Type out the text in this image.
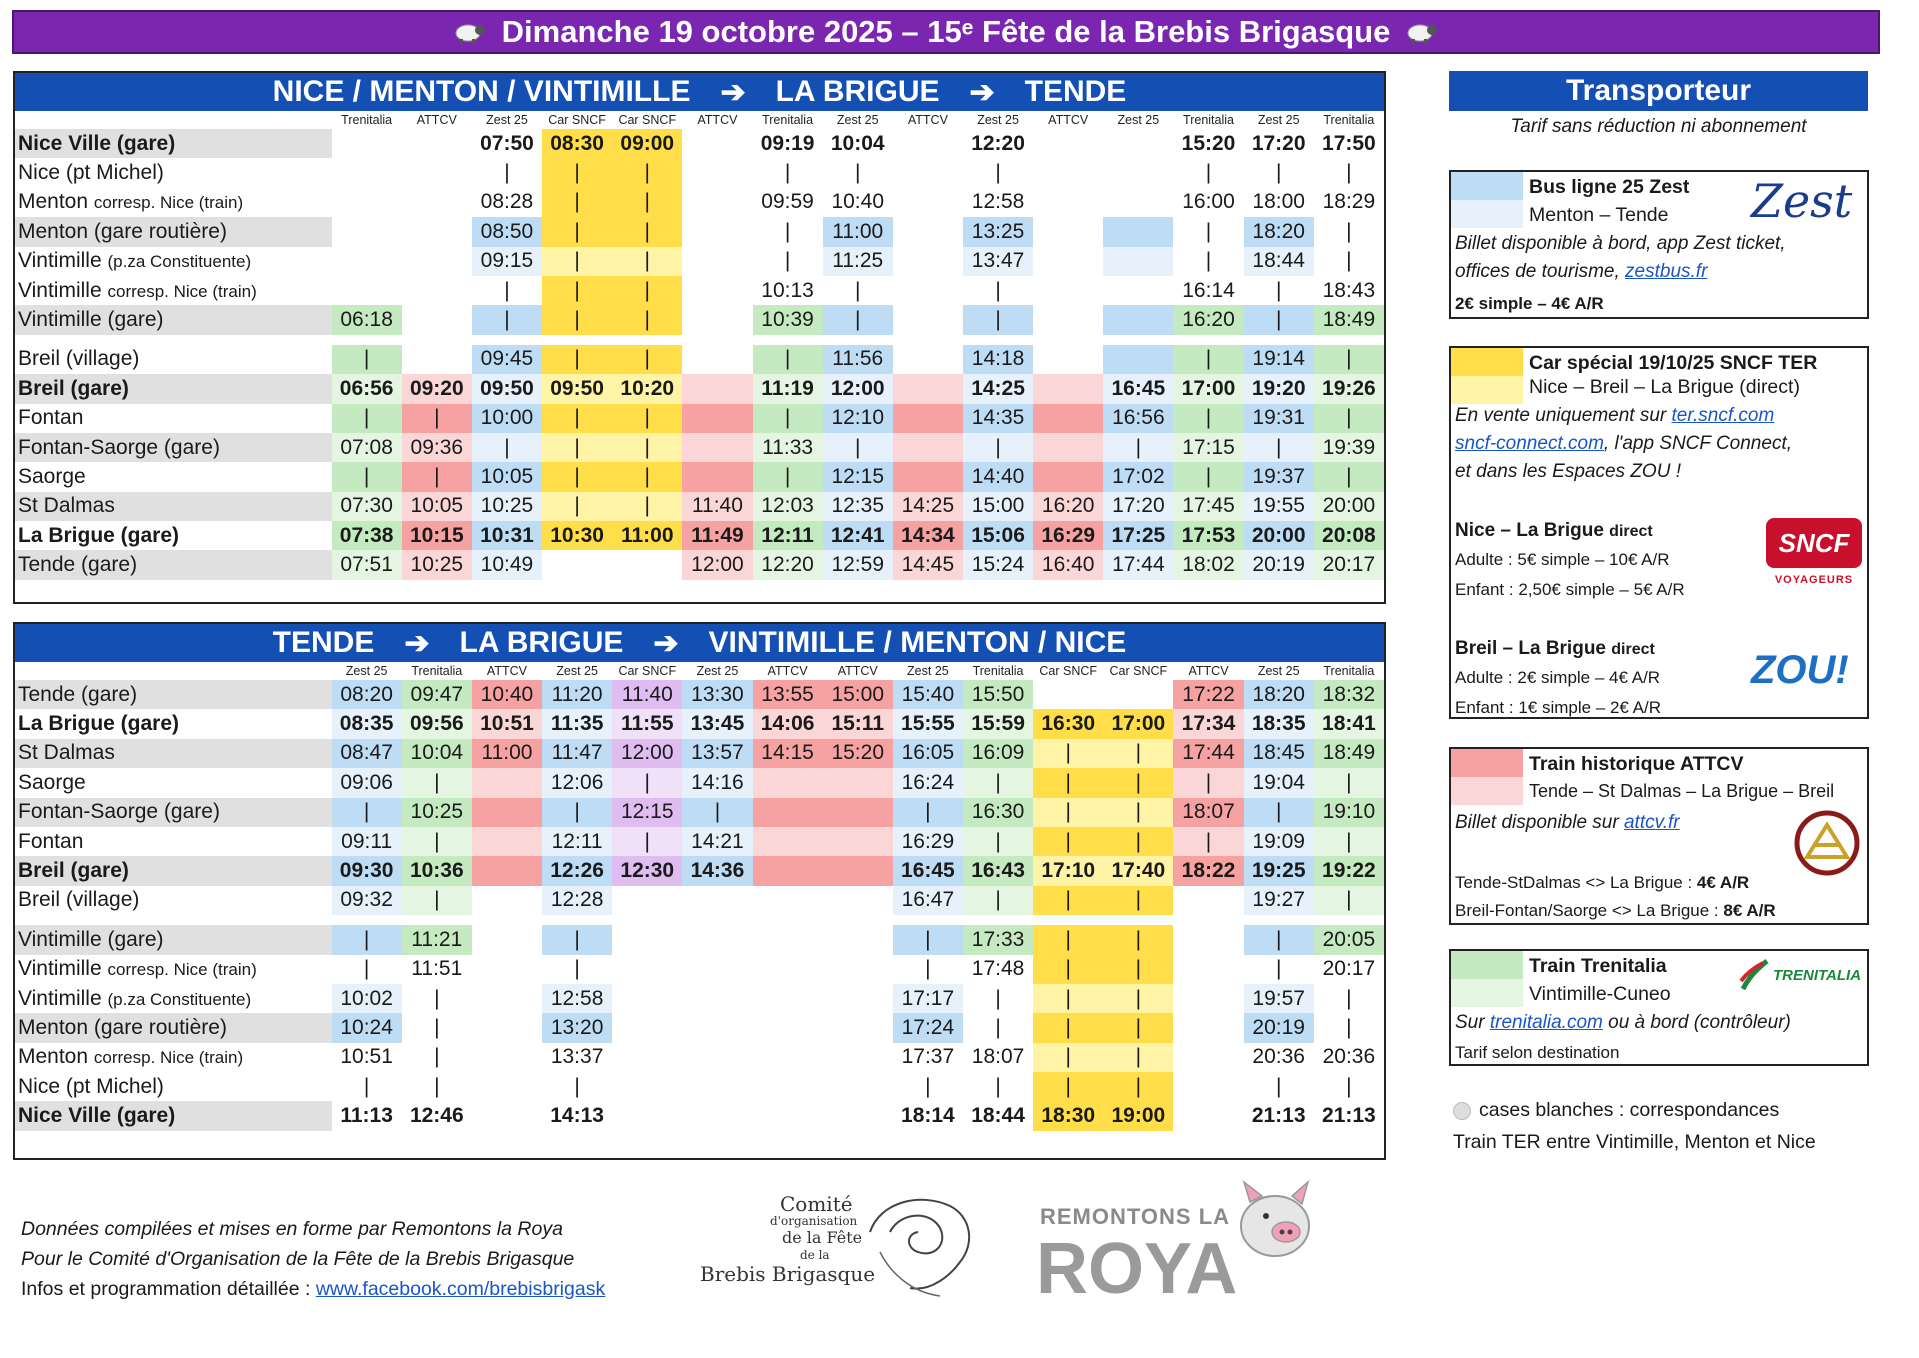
Dimanche 19 octobre 2025 – 15ᵉ Fête de la Brebis Brigasque
NICE / MENTON / VINTIMILLE ➔ LA BRIGUE ➔ TENDE
	Trenitalia	ATTCV	Zest 25	Car SNCF	Car SNCF	ATTCV	Trenitalia	Zest 25	ATTCV	Zest 25	ATTCV	Zest 25	Trenitalia	Zest 25	Trenitalia
Nice Ville (gare)			07:50	08:30	09:00		09:19	10:04		12:20			15:20	17:20	17:50
Nice (pt Michel)			|	|	|		|	|		|			|	|	|
Menton corresp. Nice (train)			08:28	|	|		09:59	10:40		12:58			16:00	18:00	18:29
Menton (gare routière)			08:50	|	|		|	11:00		13:25			|	18:20	|
Vintimille (p.za Constituente)			09:15	|	|		|	11:25		13:47			|	18:44	|
Vintimille corresp. Nice (train)			|	|	|		10:13	|		|			16:14	|	18:43
Vintimille (gare)	06:18		|	|	|		10:39	|		|			16:20	|	18:49

Breil (village)	|		09:45	|	|		|	11:56		14:18			|	19:14	|
Breil (gare)	06:56	09:20	09:50	09:50	10:20		11:19	12:00		14:25		16:45	17:00	19:20	19:26
Fontan	|	|	10:00	|	|		|	12:10		14:35		16:56	|	19:31	|
Fontan-Saorge (gare)	07:08	09:36	|	|	|		11:33	|		|		|	17:15	|	19:39
Saorge	|	|	10:05	|	|		|	12:15		14:40		17:02	|	19:37	|
St Dalmas	07:30	10:05	10:25	|	|	11:40	12:03	12:35	14:25	15:00	16:20	17:20	17:45	19:55	20:00
La Brigue (gare)	07:38	10:15	10:31	10:30	11:00	11:49	12:11	12:41	14:34	15:06	16:29	17:25	17:53	20:00	20:08
Tende (gare)	07:51	10:25	10:49			12:00	12:20	12:59	14:45	15:24	16:40	17:44	18:02	20:19	20:17
TENDE ➔ LA BRIGUE ➔ VINTIMILLE / MENTON / NICE
	Zest 25	Trenitalia	ATTCV	Zest 25	Car SNCF	Zest 25	ATTCV	ATTCV	Zest 25	Trenitalia	Car SNCF	Car SNCF	ATTCV	Zest 25	Trenitalia
Tende (gare)	08:20	09:47	10:40	11:20	11:40	13:30	13:55	15:00	15:40	15:50			17:22	18:20	18:32
La Brigue (gare)	08:35	09:56	10:51	11:35	11:55	13:45	14:06	15:11	15:55	15:59	16:30	17:00	17:34	18:35	18:41
St Dalmas	08:47	10:04	11:00	11:47	12:00	13:57	14:15	15:20	16:05	16:09	|	|	17:44	18:45	18:49
Saorge	09:06	|		12:06	|	14:16			16:24	|	|	|	|	19:04	|
Fontan-Saorge (gare)	|	10:25		|	12:15	|			|	16:30	|	|	18:07	|	19:10
Fontan	09:11	|		12:11	|	14:21			16:29	|	|	|	|	19:09	|
Breil (gare)	09:30	10:36		12:26	12:30	14:36			16:45	16:43	17:10	17:40	18:22	19:25	19:22
Breil (village)	09:32	|		12:28					16:47	|	|	|		19:27	|

Vintimille (gare)	|	11:21		|					|	17:33	|	|		|	20:05
Vintimille corresp. Nice (train)	|	11:51		|					|	17:48	|	|		|	20:17
Vintimille (p.za Constituente)	10:02	|		12:58					17:17	|	|	|		19:57	|
Menton (gare routière)	10:24	|		13:20					17:24	|	|	|		20:19	|
Menton corresp. Nice (train)	10:51	|		13:37					17:37	18:07	|	|		20:36	20:36
Nice (pt Michel)	|	|		|					|	|	|	|		|	|
Nice Ville (gare)	11:13	12:46		14:13					18:14	18:44	18:30	19:00		21:13	21:13
Transporteur
Tarif sans réduction ni abonnement
Bus ligne 25 Zest
Menton – Tende Zest
Billet disponible à bord, app Zest ticket,
offices de tourisme, zestbus.fr
2€ simple – 4€ A/R
Car spécial 19/10/25 SNCF TER
Nice – Breil – La Brigue (direct)
En vente uniquement sur ter.sncf.com
sncf-connect.com, l'app SNCF Connect,
et dans les Espaces ZOU !
Nice – La Brigue direct
Adulte : 5€ simple – 10€ A/R
Enfant : 2,50€ simple – 5€ A/R
Breil – La Brigue direct
Adulte : 2€ simple – 4€ A/R
Enfant : 1€ simple – 2€ A/R
SNCF
VOYAGEURS
ZOU!
Train historique ATTCV
Tende – St Dalmas – La Brigue – Breil
Billet disponible sur attcv.fr
Tende-StDalmas <> La Brigue : 4€ A/R
Breil-Fontan/Saorge <> La Brigue : 8€ A/R
Train Trenitalia
Vintimille-Cuneo
TRENITALIA
Sur trenitalia.com ou à bord (contrôleur)
Tarif selon destination
cases blanches : correspondances
Train TER entre Vintimille, Menton et Nice
Données compilées et mises en forme par Remontons la Roya
Pour le Comité d'Organisation de la Fête de la Brebis Brigasque
Infos et programmation détaillée : www.facebook.com/brebisbrigask
Comité
d'organisation
de la Fête
de la
Brebis Brigasque
REMONTONS LA
ROYA
